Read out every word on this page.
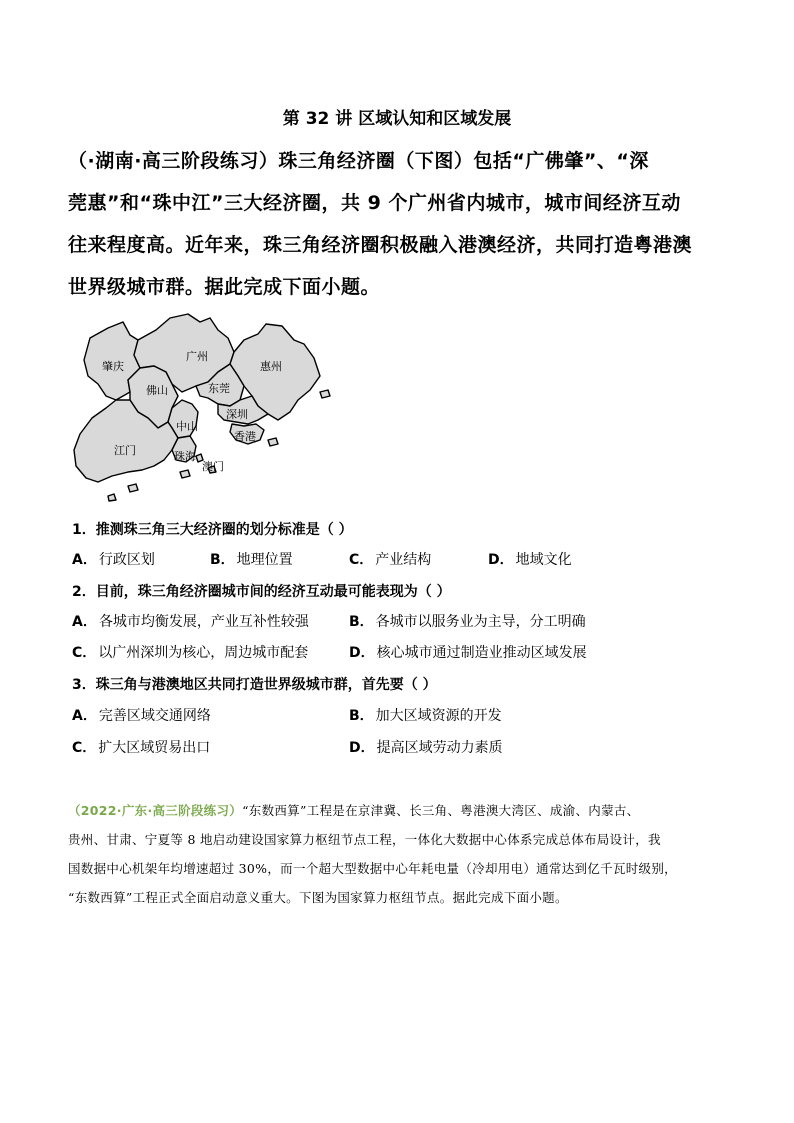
第 32 讲 区域认知和区域发展
（·湖南·高三阶段练习）珠三角经济圈（下图）包括“广佛肇”、“深
莞惠”和“珠中江”三大经济圈，共 9 个广州省内城市，城市间经济互动
往来程度高。近年来，珠三角经济圈积极融入港澳经济，共同打造粤港澳
世界级城市群。据此完成下面小题。
肇庆
广州
惠州
佛山	东莞
深圳
中山
江门
香港
珠海
澳门
1．推测珠三角三大经济圈的划分标准是（ ）
A． 行政区划	B． 地理位置	C． 产业结构	D． 地域文化
2．目前，珠三角经济圈城市间的经济互动最可能表现为（ ）
A． 各城市均衡发展，产业互补性较强	B． 各城市以服务业为主导，分工明确
C． 以广州深圳为核心，周边城市配套	D． 核心城市通过制造业推动区域发展
3．珠三角与港澳地区共同打造世界级城市群，首先要（ ）
A． 完善区域交通网络	B． 加大区域资源的开发
C． 扩大区域贸易出口	D． 提高区域劳动力素质
（2022·广东·高三阶段练习）“东数西算”工程是在京津冀、长三角、粤港澳大湾区、成渝、内蒙古、
贵州、甘肃、宁夏等 8 地启动建设国家算力枢纽节点工程，一体化大数据中心体系完成总体布局设计，我
国数据中心机架年均增速超过 30%，而一个超大型数据中心年耗电量（冷却用电）通常达到亿千瓦时级别，
“东数西算”工程正式全面启动意义重大。下图为国家算力枢纽节点。据此完成下面小题。
